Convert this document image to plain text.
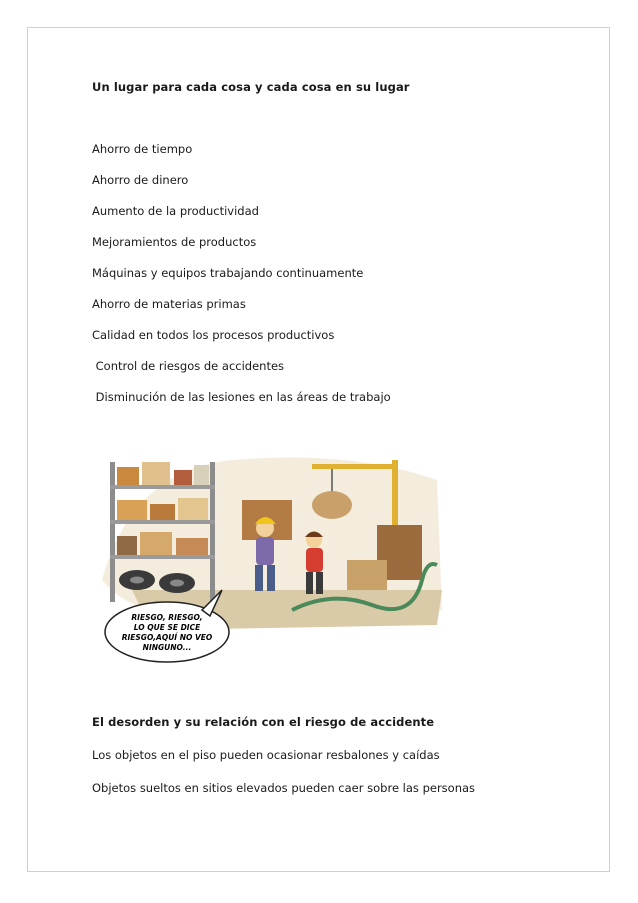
Un lugar para cada cosa y cada cosa en su lugar
Ahorro de tiempo
Ahorro de dinero
Aumento de la productividad
Mejoramientos de productos
Máquinas y equipos trabajando continuamente
Ahorro de materias primas
Calidad en todos los procesos productivos
Control de riesgos de accidentes
Disminución de las lesiones en las áreas de trabajo
RIESGO, RIESGO,
LO QUE SE DICE
RIESGO,AQUÍ NO VEO
NINGUNO...
El desorden y su relación con el riesgo de accidente
Los objetos en el piso pueden ocasionar resbalones y caídas
Objetos sueltos en sitios elevados pueden caer sobre las personas
